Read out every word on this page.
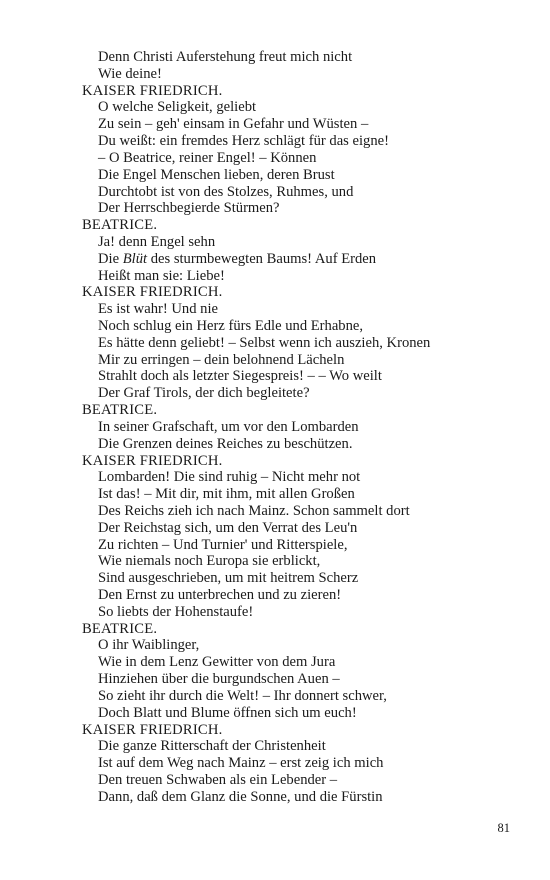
Denn Christi Auferstehung freut mich nicht
Wie deine!
KAISER FRIEDRICH.
O welche Seligkeit, geliebt
Zu sein – geh' einsam in Gefahr und Wüsten –
Du weißt: ein fremdes Herz schlägt für das eigne!
– O Beatrice, reiner Engel! – Können
Die Engel Menschen lieben, deren Brust
Durchtobt ist von des Stolzes, Ruhmes, und
Der Herrschbegierde Stürmen?
BEATRICE.
Ja! denn Engel sehn
Die Blüt des sturmbewegten Baums! Auf Erden
Heißt man sie: Liebe!
KAISER FRIEDRICH.
Es ist wahr! Und nie
Noch schlug ein Herz fürs Edle und Erhabne,
Es hätte denn geliebt! – Selbst wenn ich auszieh, Kronen
Mir zu erringen – dein belohnend Lächeln
Strahlt doch als letzter Siegespreis! – – Wo weilt
Der Graf Tirols, der dich begleitete?
BEATRICE.
In seiner Grafschaft, um vor den Lombarden
Die Grenzen deines Reiches zu beschützen.
KAISER FRIEDRICH.
Lombarden! Die sind ruhig – Nicht mehr not
Ist das! – Mit dir, mit ihm, mit allen Großen
Des Reichs zieh ich nach Mainz. Schon sammelt dort
Der Reichstag sich, um den Verrat des Leu'n
Zu richten – Und Turnier' und Ritterspiele,
Wie niemals noch Europa sie erblickt,
Sind ausgeschrieben, um mit heitrem Scherz
Den Ernst zu unterbrechen und zu zieren!
So liebts der Hohenstaufe!
BEATRICE.
O ihr Waiblinger,
Wie in dem Lenz Gewitter von dem Jura
Hinziehen über die burgundschen Auen –
So zieht ihr durch die Welt! – Ihr donnert schwer,
Doch Blatt und Blume öffnen sich um euch!
KAISER FRIEDRICH.
Die ganze Ritterschaft der Christenheit
Ist auf dem Weg nach Mainz – erst zeig ich mich
Den treuen Schwaben als ein Lebender –
Dann, daß dem Glanz die Sonne, und die Fürstin
81
